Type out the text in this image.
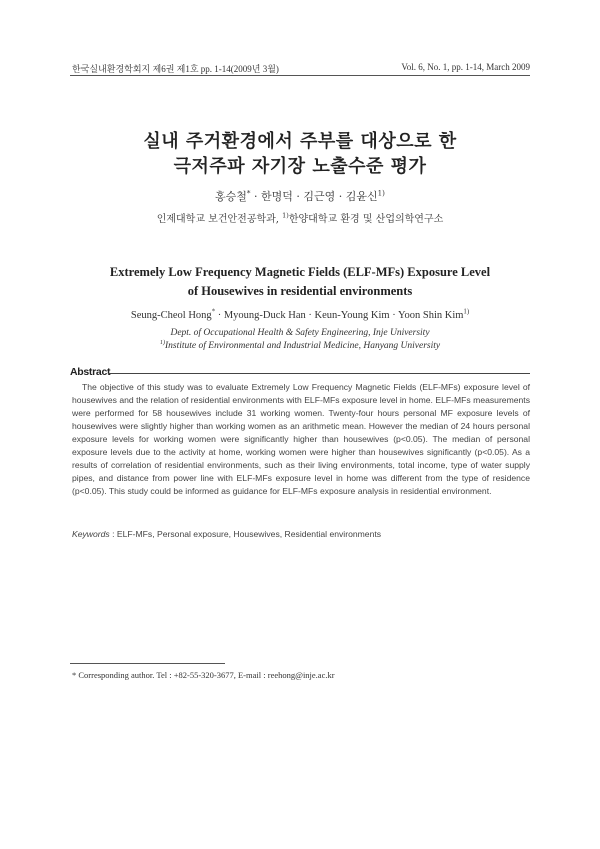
한국실내환경학회지 제6권 제1호 pp. 1-14(2009년 3월)	Vol. 6, No. 1, pp. 1-14, March 2009
실내 주거환경에서 주부를 대상으로 한
극저주파 자기장 노출수준 평가
홍승철* · 한명덕 · 김근영 · 김윤신$^{1)}$
인제대학교 보건안전공학과, $^{1)}$한양대학교 환경 및 산업의학연구소
Extremely Low Frequency Magnetic Fields (ELF-MFs) Exposure Level
of Housewives in residential environments
Seung-Cheol Hong* · Myoung-Duck Han · Keun-Young Kim · Yoon Shin Kim$^{1)}$
Dept. of Occupational Health & Safety Engineering, Inje University
$^{1)}$Institute of Environmental and Industrial Medicine, Hanyang University
Abstract
The objective of this study was to evaluate Extremely Low Frequency Magnetic Fields (ELF-MFs) exposure level of housewives and the relation of residential environments with ELF-MFs exposure level in home. ELF-MFs measurements were performed for 58 housewives include 31 working women. Twenty-four hours personal MF exposure levels of housewives were slightly higher than working women as an arithmetic mean. However the median of 24 hours personal exposure levels for working women were significantly higher than housewives (p<0.05). The median of personal exposure levels due to the activity at home, working women were higher than housewives significantly (p<0.05). As a results of correlation of residential environments, such as their living environments, total income, type of water supply pipes, and distance from power line with ELF-MFs exposure level in home was different from the type of residence (p<0.05). This study could be informed as guidance for ELF-MFs exposure analysis in residential environment.
Keywords : ELF-MFs, Personal exposure, Housewives, Residential environments
* Corresponding author. Tel : +82-55-320-3677, E-mail : reehong@inje.ac.kr
